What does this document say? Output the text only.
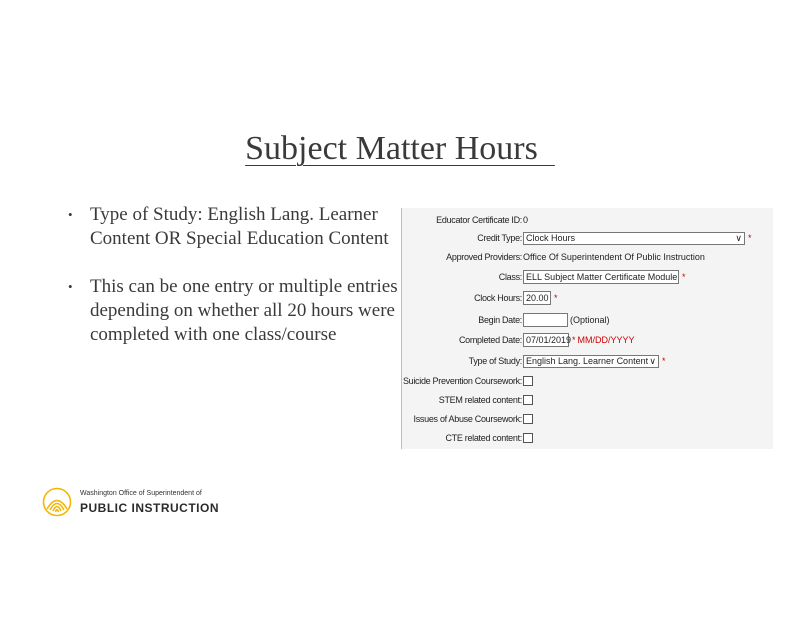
Subject Matter Hours
• Type of Study: English Lang. Learner Content OR Special Education Content
• This can be one entry or multiple entries depending on whether all 20 hours were completed with one class/course
Educator Certificate ID: 0
Credit Type: Clock Hours	∨ *
Approved Providers: Office Of Superintendent Of Public Instruction
Class: ELL Subject Matter Certificate Module *
Clock Hours: 20.00 *
Begin Date:	(Optional)
Completed Date: 07/01/2019 * MM/DD/YYYY
Type of Study: English Lang. Learner Content ∨ *
Suicide Prevention Coursework:
STEM related content:
Issues of Abuse Coursework:
CTE related content:
Washington Office of Superintendent of
PUBLIC INSTRUCTION
